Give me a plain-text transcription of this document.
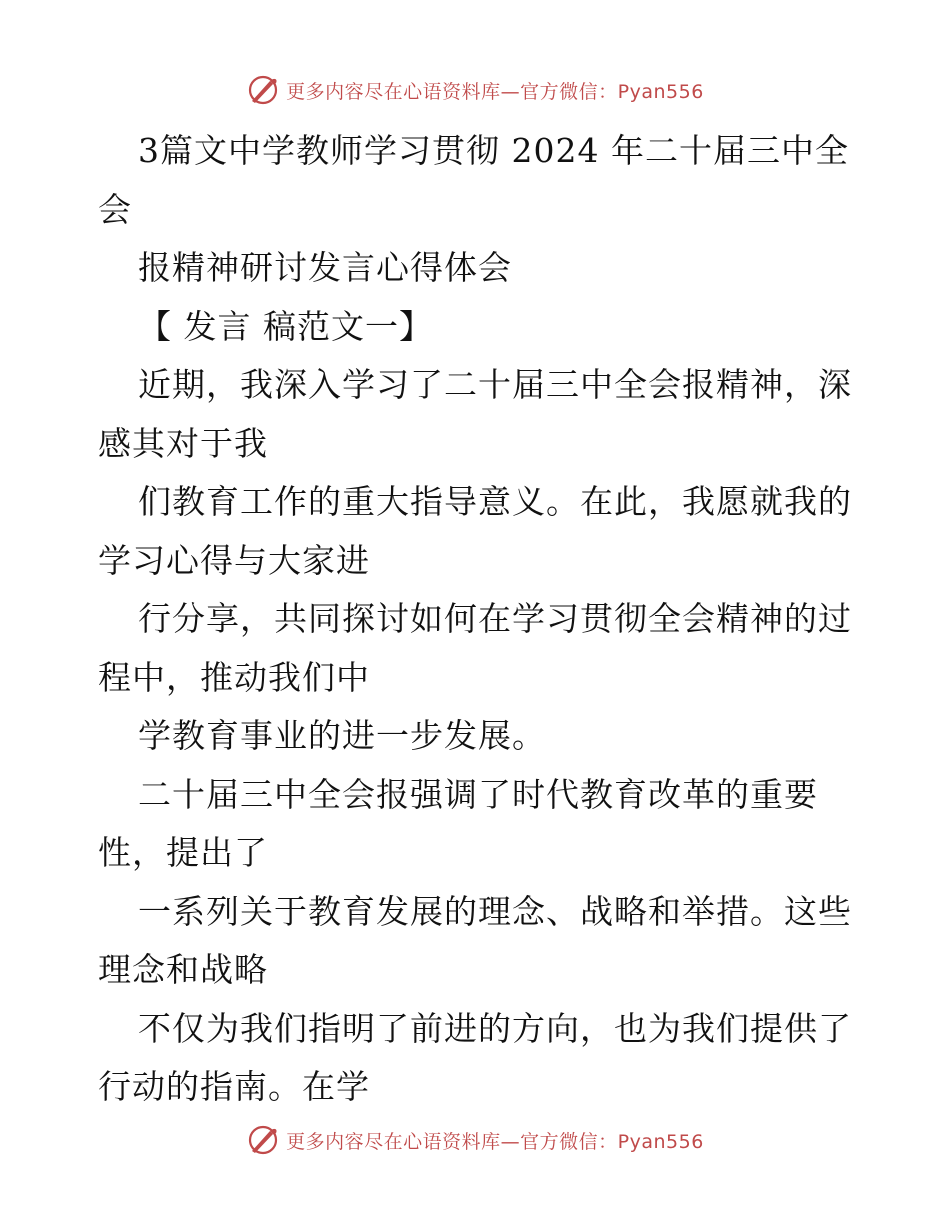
更多内容尽在心语资料库—官方微信：Pyan556
3篇文中学教师学习贯彻 2024 年二十届三中全
会
报精神研讨发言心得体会
【 发言 稿范文一】
近期，我深入学习了二十届三中全会报精神，深
感其对于我
们教育工作的重大指导意义。在此，我愿就我的
学习心得与大家进
行分享，共同探讨如何在学习贯彻全会精神的过
程中，推动我们中
学教育事业的进一步发展。
二十届三中全会报强调了时代教育改革的重要
性，提出了
一系列关于教育发展的理念、战略和举措。这些
理念和战略
不仅为我们指明了前进的方向，也为我们提供了
行动的指南。在学
更多内容尽在心语资料库—官方微信：Pyan556
